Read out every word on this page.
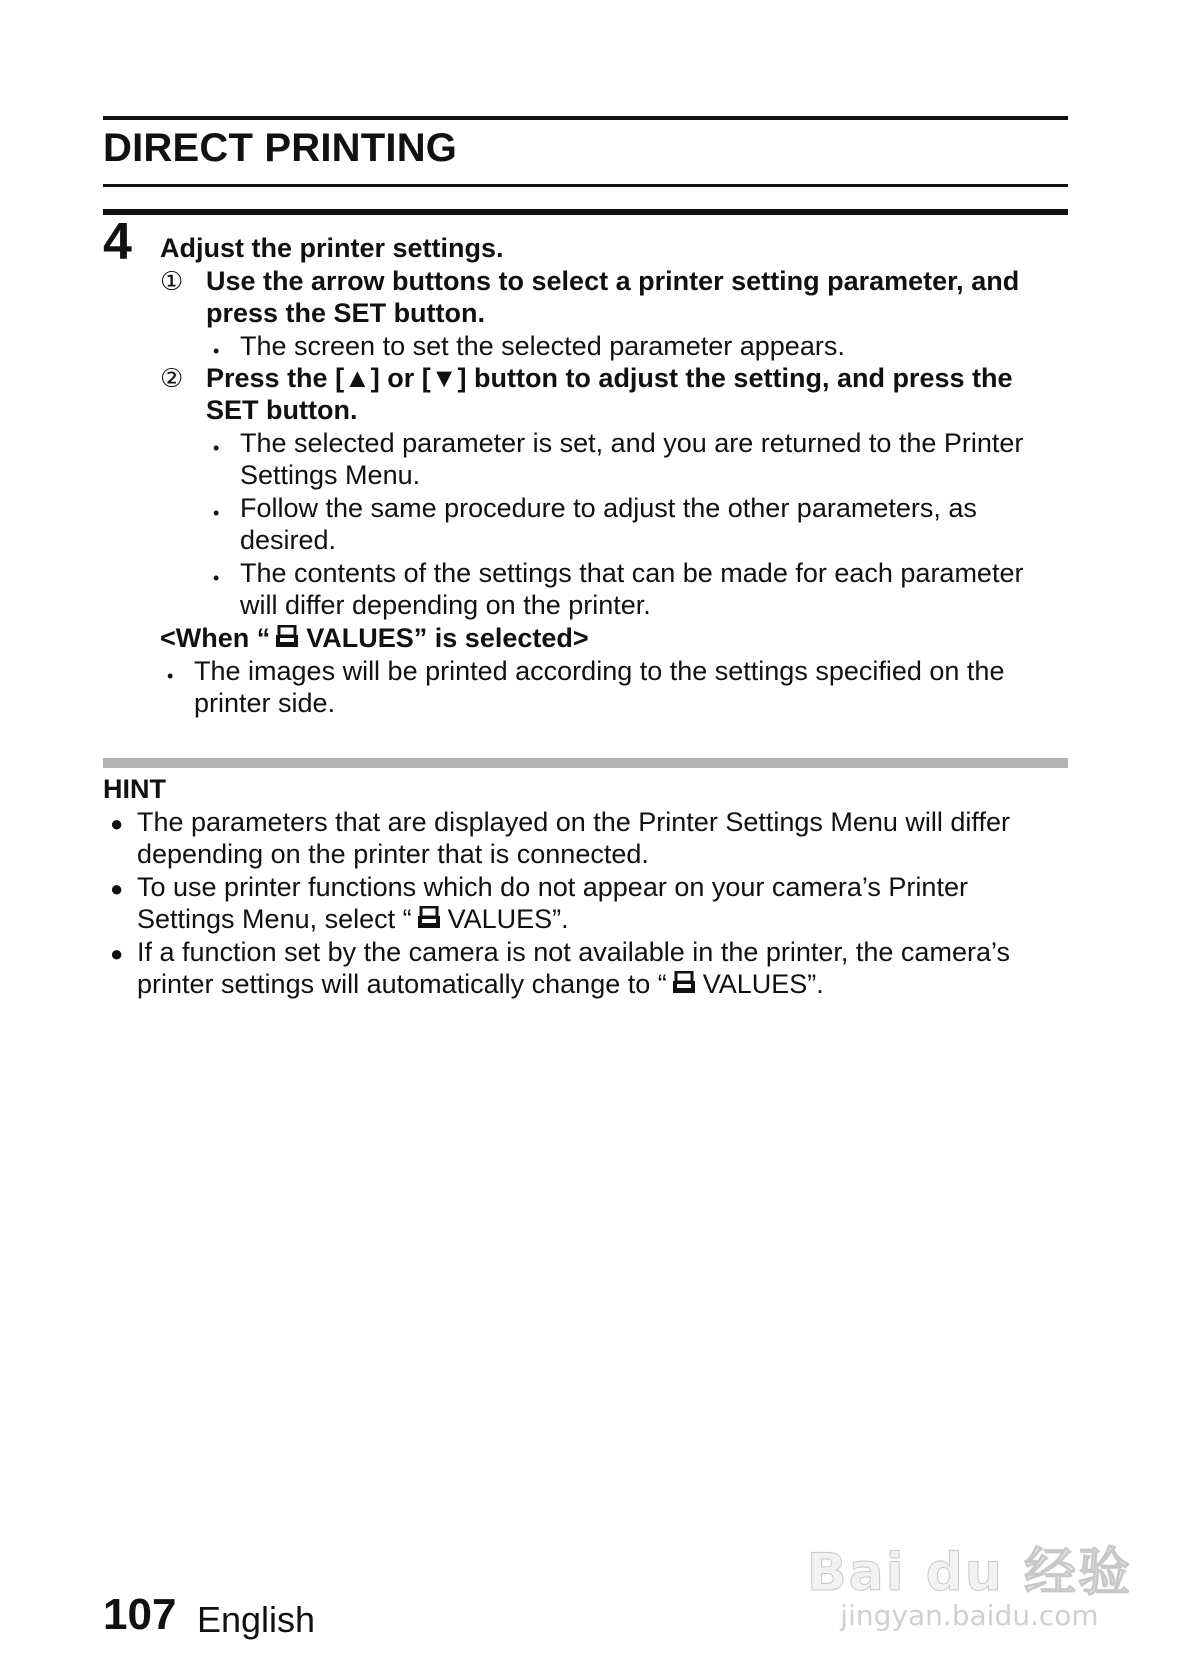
DIRECT PRINTING
4 Adjust the printer settings.
① Use the arrow buttons to select a printer setting parameter, and
press the SET button.
• The screen to set the selected parameter appears.
② Press the [▲] or [▼] button to adjust the setting, and press the
SET button.
• The selected parameter is set, and you are returned to the Printer
Settings Menu.
• Follow the same procedure to adjust the other parameters, as
desired.
• The contents of the settings that can be made for each parameter
will differ depending on the printer.
<When “ VALUES” is selected>
• The images will be printed according to the settings specified on the
printer side.
HINT
● The parameters that are displayed on the Printer Settings Menu will differ
depending on the printer that is connected.
● To use printer functions which do not appear on your camera’s Printer
Settings Menu, select “ VALUES”.
● If a function set by the camera is not available in the printer, the camera’s
printer settings will automatically change to “ VALUES”.
107 English
Bai du 经验
jingyan.baidu.com
